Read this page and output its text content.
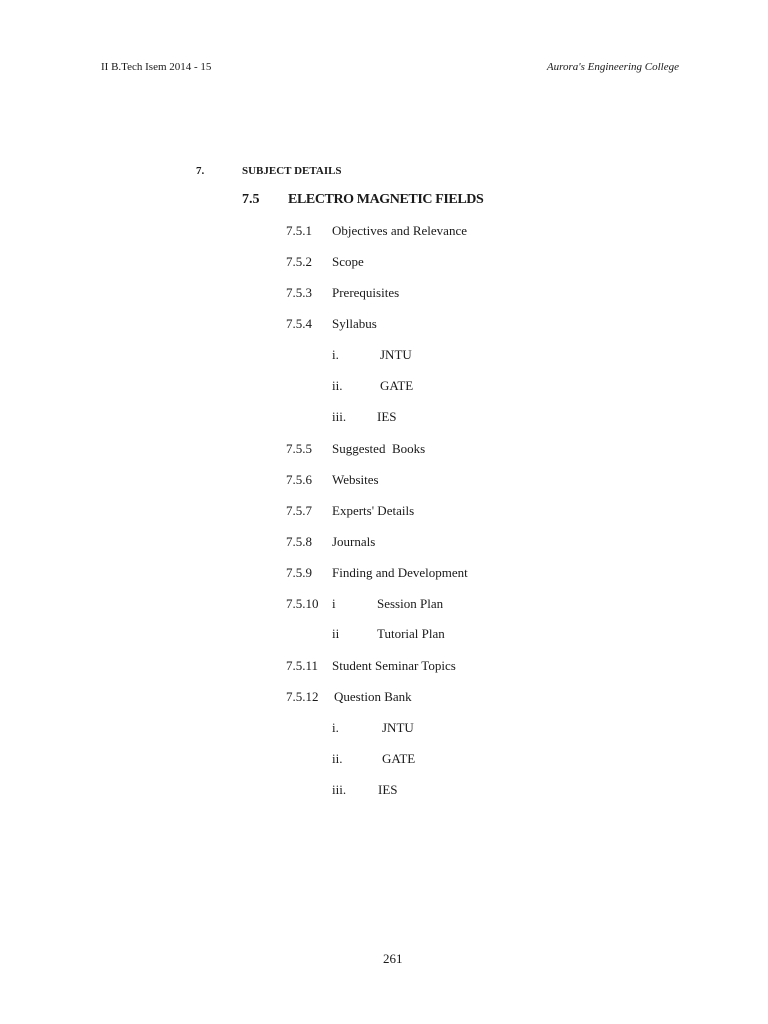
II B.Tech Isem 2014 - 15	Aurora's Engineering College
7.	SUBJECT DETAILS
7.5 ELECTRO MAGNETIC FIELDS
7.5.1 Objectives and Relevance
7.5.2 Scope
7.5.3 Prerequisites
7.5.4 Syllabus
i.	JNTU
ii.	GATE
iii. IES
7.5.5 Suggested  Books
7.5.6 Websites
7.5.7 Experts' Details
7.5.8 Journals
7.5.9 Finding and Development
7.5.10 i	Session Plan
ii	Tutorial Plan
7.5.11 Student Seminar Topics
7.5.12 Question Bank
i.	JNTU
ii.	GATE
iii. IES
261
